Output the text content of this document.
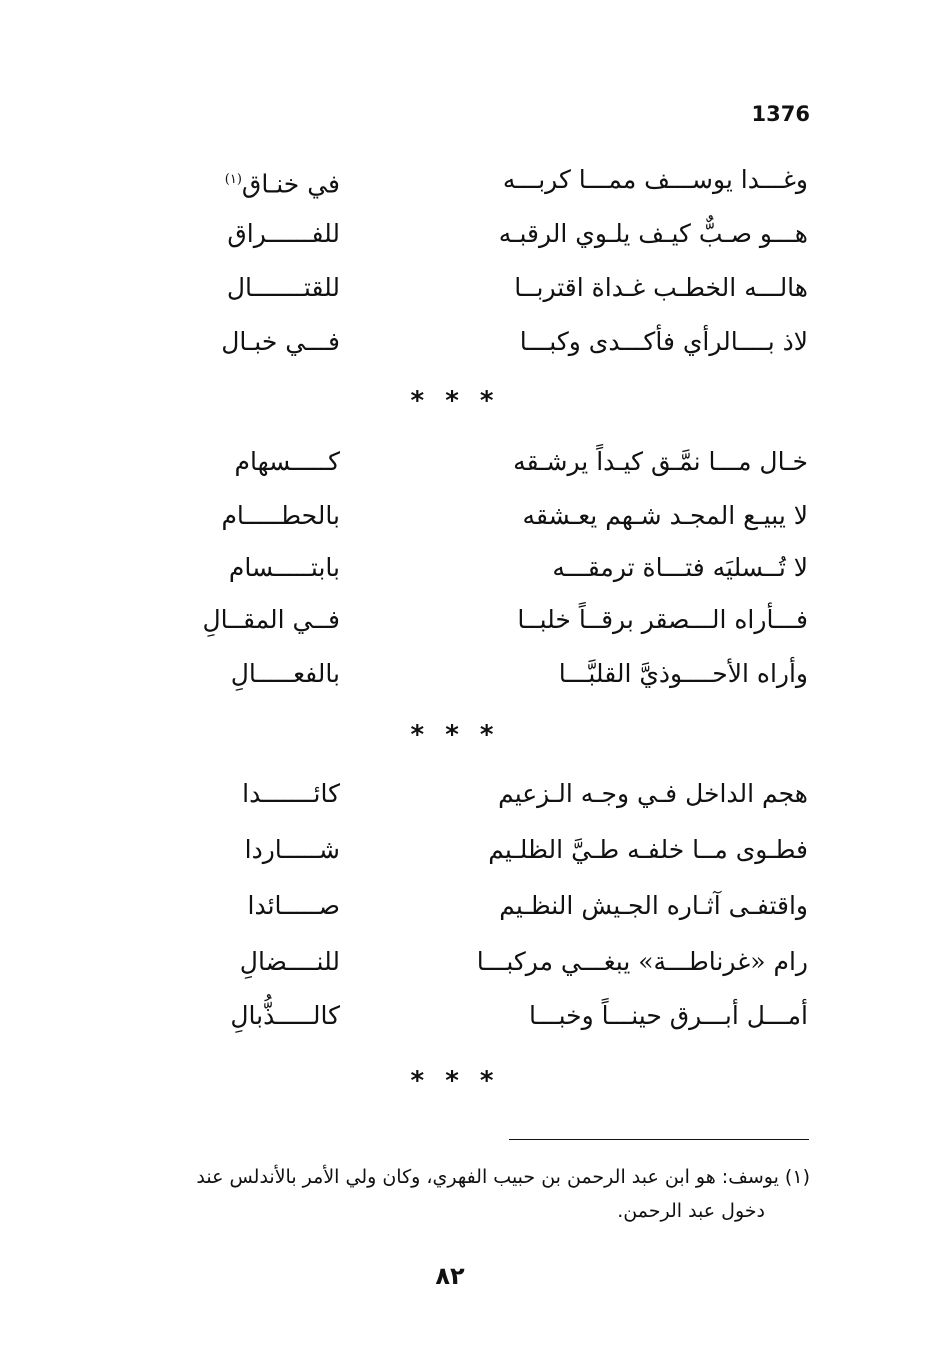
1376
وغـــدا يوســـف ممـــا كربـــه
في خنـاق$^{(١)}$
هـــو صـبٌّ كيـف يلـوي الرقبـه
للفــــــراق
هالـــه الخطـب غـداة اقتربــا
للقتـــــــال
لاذ بــــالرأي فأكـــدى وكبـــا
فـــي خبـال
* * *
خـال مـــا نمَّـق كيـداً يرشـقه
كـــــسهام
لا يبيـع المجـد شـهم يعـشقه
بالحطـــــام
لا تُــسليَه فتـــاة ترمقـــه
بابتـــــسام
فـــأراه الـــصقر برقــاً خلبــا
فــي المقــالِ
وأراه الأحــــوذيَّ القلبَّـــا
بالفعـــــالِ
* * *
هجم الداخل فـي وجـه الـزعيم
كائـــــــدا
فطـوى مــا خلفـه طـيَّ الظلـيم
شـــــاردا
واقتفـى آثـاره الجـيش النظـيم
صـــــائدا
رام «غرناطـــة» يبغـــي مركبـــا
للنــــضالِ
أمـــل أبـــرق حينـــاً وخبـــا
كالـــــذُّبالِ
* * *
(١) يوسف: هو ابن عبد الرحمن بن حبيب الفهري، وكان ولي الأمر بالأندلس عند
دخول عبد الرحمن.
٨٢
